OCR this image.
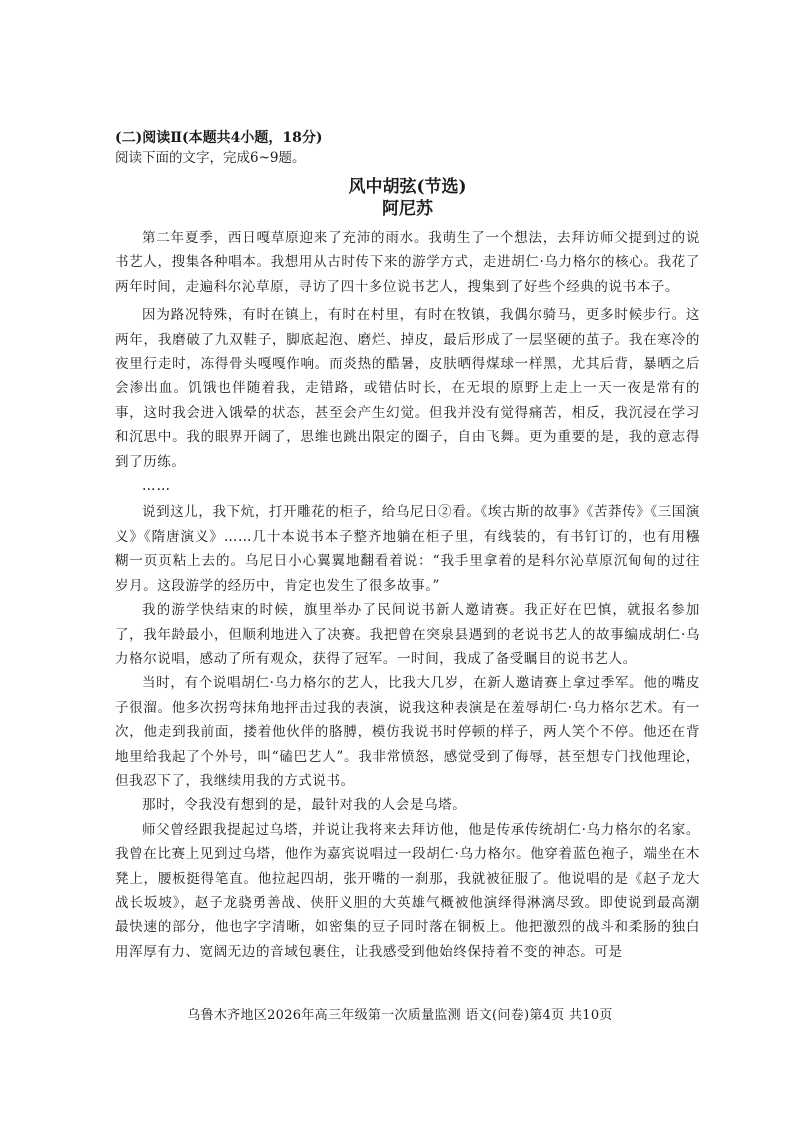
(二)阅读Ⅱ(本题共4小题，18分)

阅读下面的文字，完成6~9题。

风中胡弦(节选)

阿尼苏

第二年夏季，西日嘎草原迎来了充沛的雨水。我萌生了一个想法，去拜访师父提到过的说书艺人，搜集各种唱本。我想用从古时传下来的游学方式，走进胡仁·乌力格尔的核心。我花了两年时间，走遍科尔沁草原，寻访了四十多位说书艺人，搜集到了好些个经典的说书本子。

因为路况特殊，有时在镇上，有时在村里，有时在牧镇，我偶尔骑马，更多时候步行。这两年，我磨破了九双鞋子，脚底起泡、磨烂、掉皮，最后形成了一层坚硬的茧子。我在寒冷的夜里行走时，冻得骨头嘎嘎作响。而炎热的酷暑，皮肤晒得煤球一样黑，尤其后背，暴晒之后会渗出血。饥饿也伴随着我，走错路，或错估时长，在无垠的原野上走上一天一夜是常有的事，这时我会进入饿晕的状态，甚至会产生幻觉。但我并没有觉得痛苦，相反，我沉浸在学习和沉思中。我的眼界开阔了，思维也跳出限定的圈子，自由飞舞。更为重要的是，我的意志得到了历练。

……

说到这儿，我下炕，打开雕花的柜子，给乌尼日②看。《埃古斯的故事》《苦莽传》《三国演义》《隋唐演义》……几十本说书本子整齐地躺在柜子里，有线装的，有书钉订的，也有用糨糊一页页粘上去的。乌尼日小心翼翼地翻看着说：“我手里拿着的是科尔沁草原沉甸甸的过往岁月。这段游学的经历中，肯定也发生了很多故事。”

我的游学快结束的时候，旗里举办了民间说书新人邀请赛。我正好在巴慎，就报名参加了，我年龄最小，但顺利地进入了决赛。我把曾在突泉县遇到的老说书艺人的故事编成胡仁·乌力格尔说唱，感动了所有观众，获得了冠军。一时间，我成了备受瞩目的说书艺人。

当时，有个说唱胡仁·乌力格尔的艺人，比我大几岁，在新人邀请赛上拿过季军。他的嘴皮子很溜。他多次拐弯抹角地抨击过我的表演，说我这种表演是在羞辱胡仁·乌力格尔艺术。有一次，他走到我前面，搂着他伙伴的胳膊，模仿我说书时停顿的样子，两人笑个不停。他还在背地里给我起了个外号，叫“磕巴艺人”。我非常愤怒，感觉受到了侮辱，甚至想专门找他理论，但我忍下了，我继续用我的方式说书。

那时，令我没有想到的是，最针对我的人会是乌塔。

师父曾经跟我提起过乌塔，并说让我将来去拜访他，他是传承传统胡仁·乌力格尔的名家。我曾在比赛上见到过乌塔，他作为嘉宾说唱过一段胡仁·乌力格尔。他穿着蓝色袍子，端坐在木凳上，腰板挺得笔直。他拉起四胡，张开嘴的一刹那，我就被征服了。他说唱的是《赵子龙大战长坂坡》，赵子龙骁勇善战、侠肝义胆的大英雄气概被他演绎得淋漓尽致。即使说到最高潮最快速的部分，他也字字清晰，如密集的豆子同时落在铜板上。他把激烈的战斗和柔肠的独白用浑厚有力、宽阔无边的音域包裹住，让我感受到他始终保持着不变的神态。可是

乌鲁木齐地区2026年高三年级第一次质量监测 语文(问卷)第4页 共10页
